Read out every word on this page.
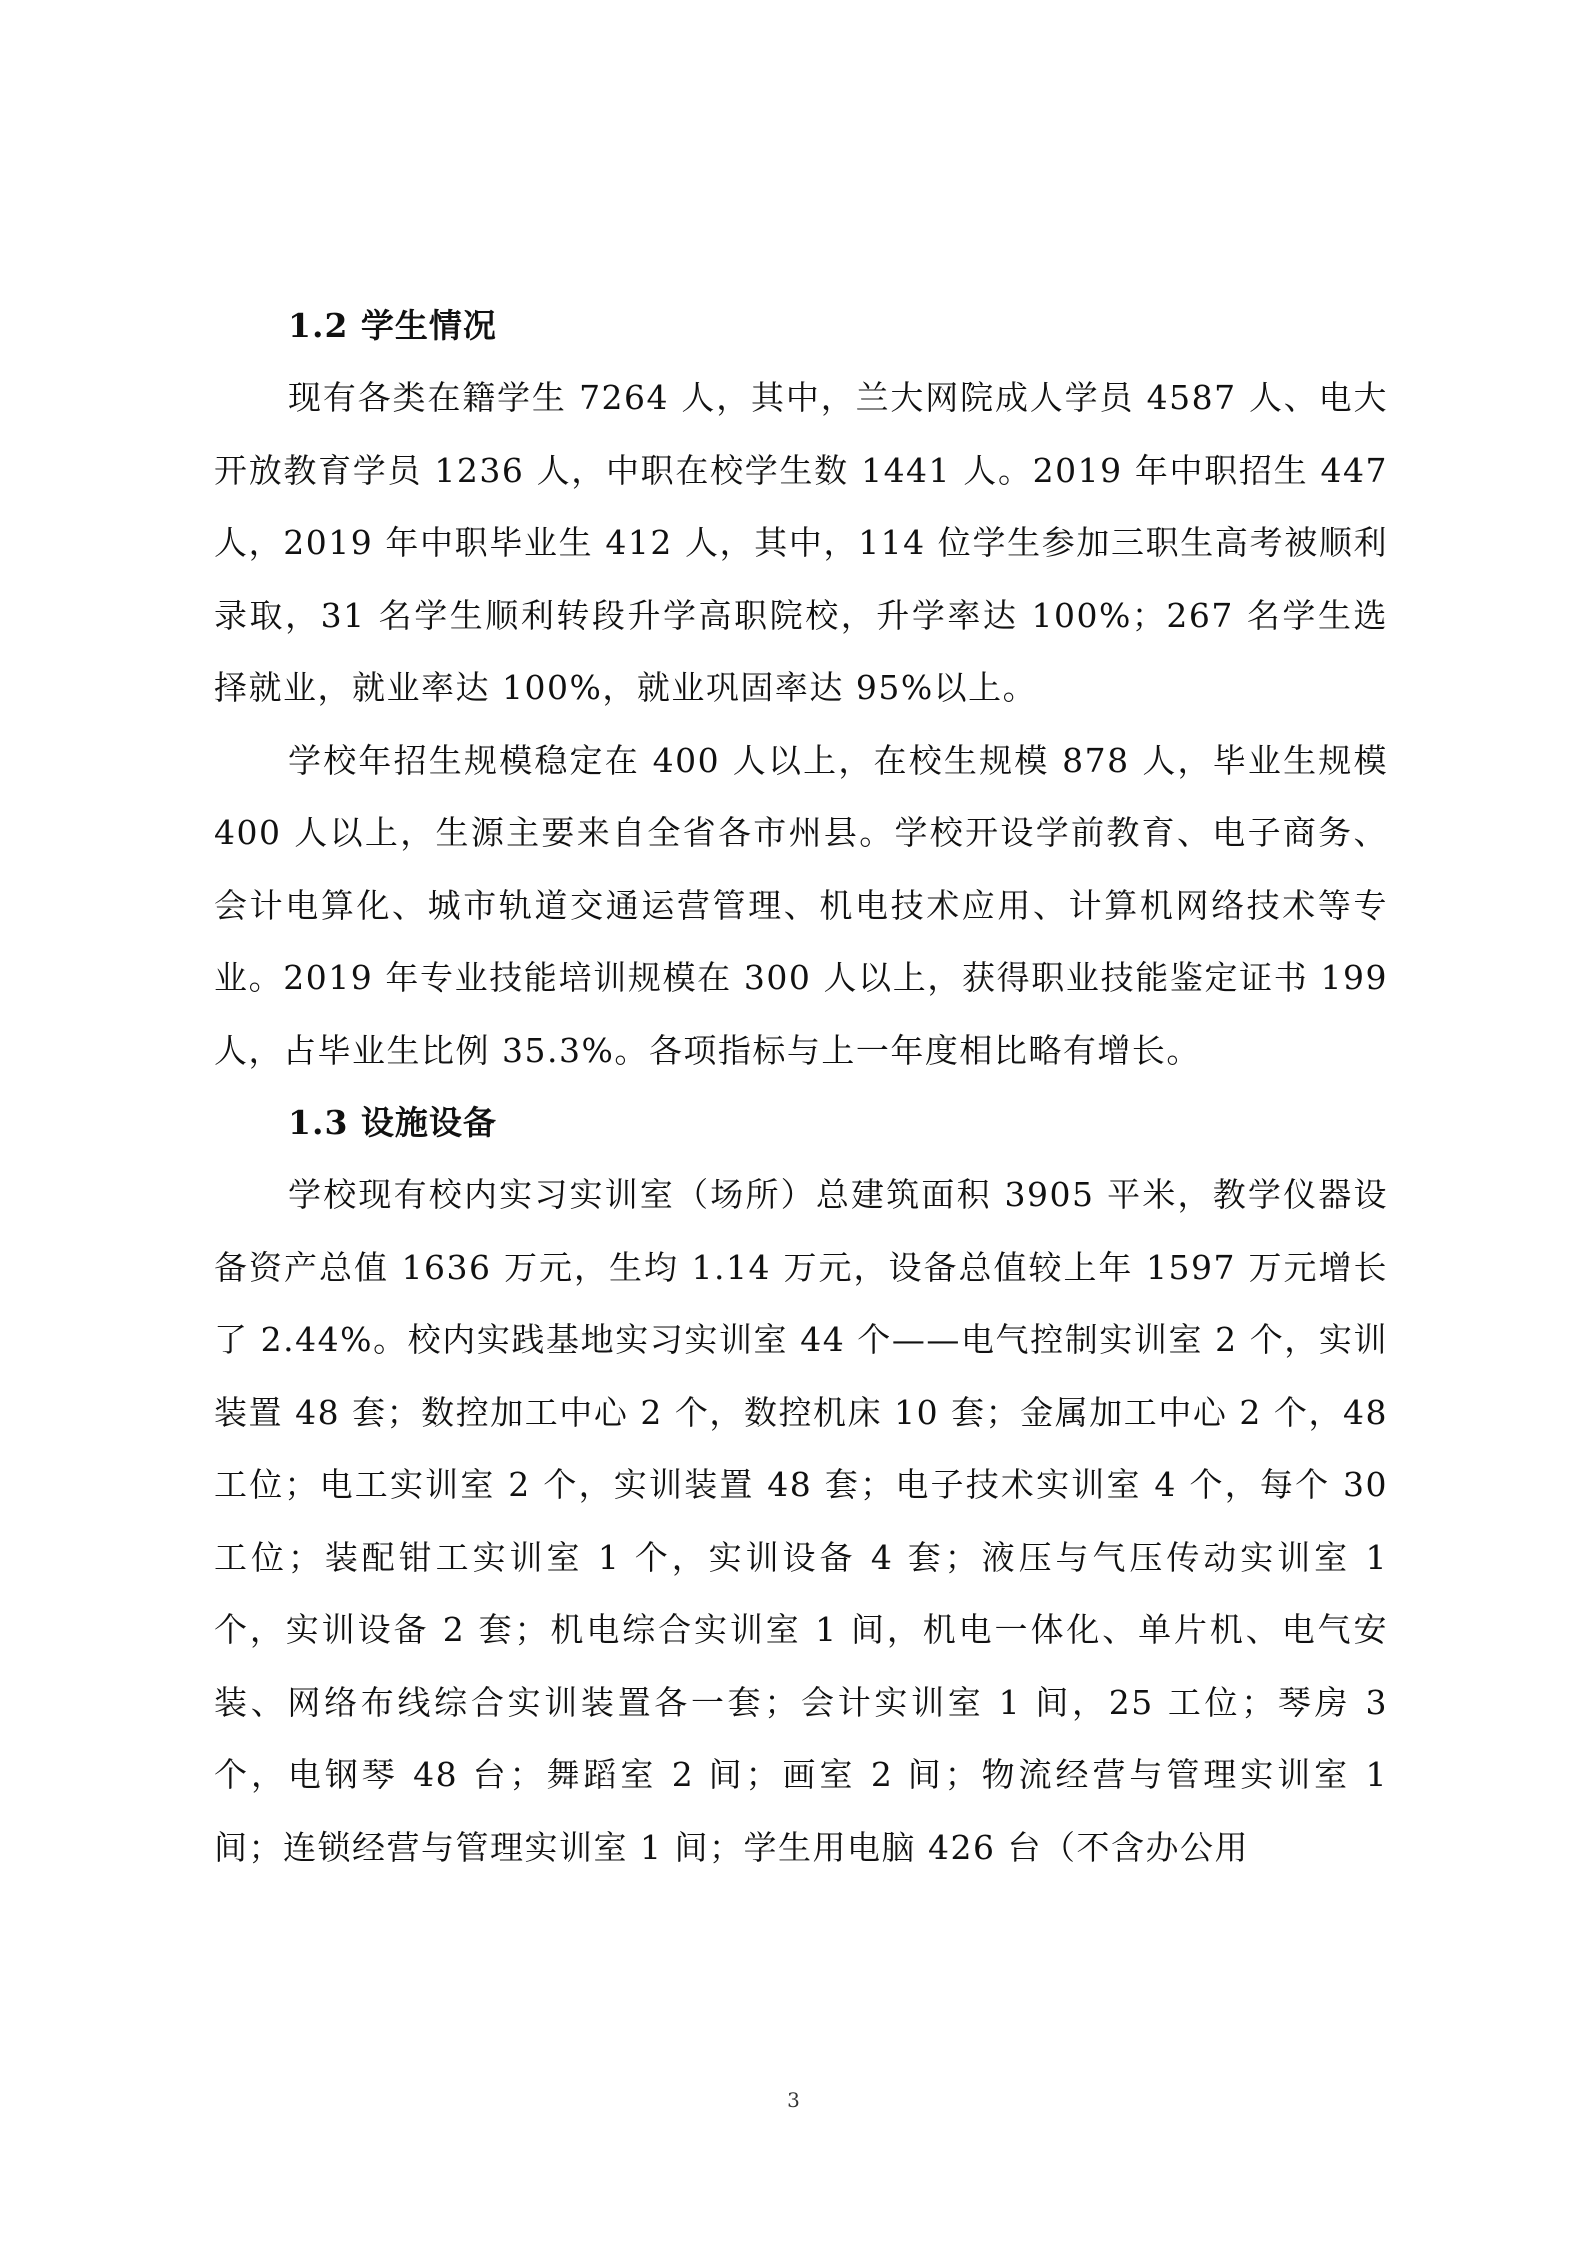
1.2 学生情况

现有各类在籍学生 7264 人，其中，兰大网院成人学员 4587 人、电大开放教育学员 1236 人，中职在校学生数 1441 人。2019 年中职招生 447 人，2019 年中职毕业生 412 人，其中，114 位学生参加三职生高考被顺利录取，31 名学生顺利转段升学高职院校，升学率达 100%；267 名学生选择就业，就业率达 100%，就业巩固率达 95%以上。

学校年招生规模稳定在 400 人以上，在校生规模 878 人，毕业生规模 400 人以上，生源主要来自全省各市州县。学校开设学前教育、电子商务、会计电算化、城市轨道交通运营管理、机电技术应用、计算机网络技术等专业。2019 年专业技能培训规模在 300 人以上，获得职业技能鉴定证书 199 人，占毕业生比例 35.3%。各项指标与上一年度相比略有增长。

1.3 设施设备

学校现有校内实习实训室（场所）总建筑面积 3905 平米，教学仪器设备资产总值 1636 万元，生均 1.14 万元，设备总值较上年 1597 万元增长了 2.44%。校内实践基地实习实训室 44 个——电气控制实训室 2 个，实训装置 48 套；数控加工中心 2 个，数控机床 10 套；金属加工中心 2 个，48 工位；电工实训室 2 个，实训装置 48 套；电子技术实训室 4 个，每个 30 工位；装配钳工实训室 1 个，实训设备 4 套；液压与气压传动实训室 1 个，实训设备 2 套；机电综合实训室 1 间，机电一体化、单片机、电气安装、网络布线综合实训装置各一套；会计实训室 1 间，25 工位；琴房 3 个，电钢琴 48 台；舞蹈室 2 间；画室 2 间；物流经营与管理实训室 1 间；连锁经营与管理实训室 1 间；学生用电脑 426 台（不含办公用

3
